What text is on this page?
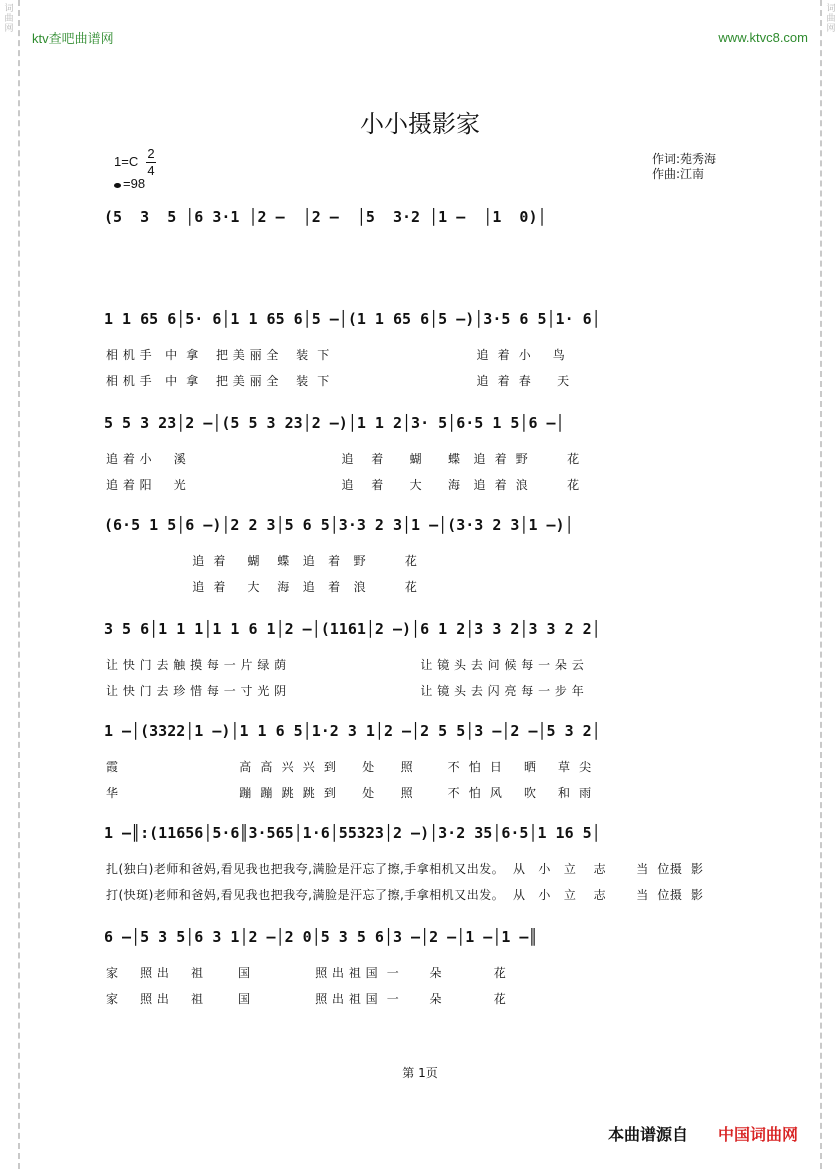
词曲网
词曲网
ktv查吧曲谱网	www.ktvc8.com
小小摄影家
1=C
2
4
=98
作词:苑秀海
作曲:江南
(5  3  5 │6 3·1 │2 –  │2 –  │5  3·2 │1 –  │1  0)│
1 1 65 6│5· 6│1 1 65 6│5 –│(1 1 65 6│5 –)│3·5 6 5│1· 6│
相 机 手   中  拿    把 美 丽 全    装  下                                  追  着  小     鸟
相 机 手   中  拿    把 美 丽 全    装  下                                  追  着  春      天
5 5 3 23│2 –│(5 5 3 23│2 –)│1 1 2│3· 5│6·5 1 5│6 –│
追 着 小     溪                                    追    着      蝴      蝶   追  着  野         花
追 着 阳     光                                    追    着      大      海   追  着  浪         花
(6·5 1 5│6 –)│2 2 3│5 6 5│3·3 2 3│1 –│(3·3 2 3│1 –)│
追  着     蝴    蝶   追   着   野         花
追  着     大    海   追   着   浪         花
3 5 6│1 1 1│1 1 6 1│2 –│(1161│2 –)│6 1 2│3 3 2│3 3 2 2│
让 快 门 去 触 摸 每 一 片 绿 荫                               让 镜 头 去 问 候 每 一 朵 云
让 快 门 去 珍 惜 每 一 寸 光 阴                               让 镜 头 去 闪 亮 每 一 步 年
1 –│(3322│1 –)│1 1 6 5│1·2 3 1│2 –│2 5 5│3 –│2 –│5 3 2│
霞                            高  高  兴  兴  到      处      照        不  怕  日     晒     草  尖
华                            蹦  蹦  跳  跳  到      处      照        不  怕  风     吹     和  雨
1 –║:(11656│5·6║3·565│1·6│55323│2 –)│3·2 35│6·5│1 16 5│
扎(独白)老师和爸妈,看见我也把我夸,满脸是汗忘了擦,手拿相机又出发。  从   小   立    志       当  位摄  影
打(快斑)老师和爸妈,看见我也把我夸,满脸是汗忘了擦,手拿相机又出发。  从   小   立    志       当  位摄  影
6 –│5 3 5│6 3 1│2 –│2 0│5 3 5 6│3 –│2 –│1 –│1 –║
家     照 出     祖        国               照 出 祖 国  一       朵            花
家     照 出     祖        国               照 出 祖 国  一       朵            花
第 1页
本曲谱源自 中国词曲网
